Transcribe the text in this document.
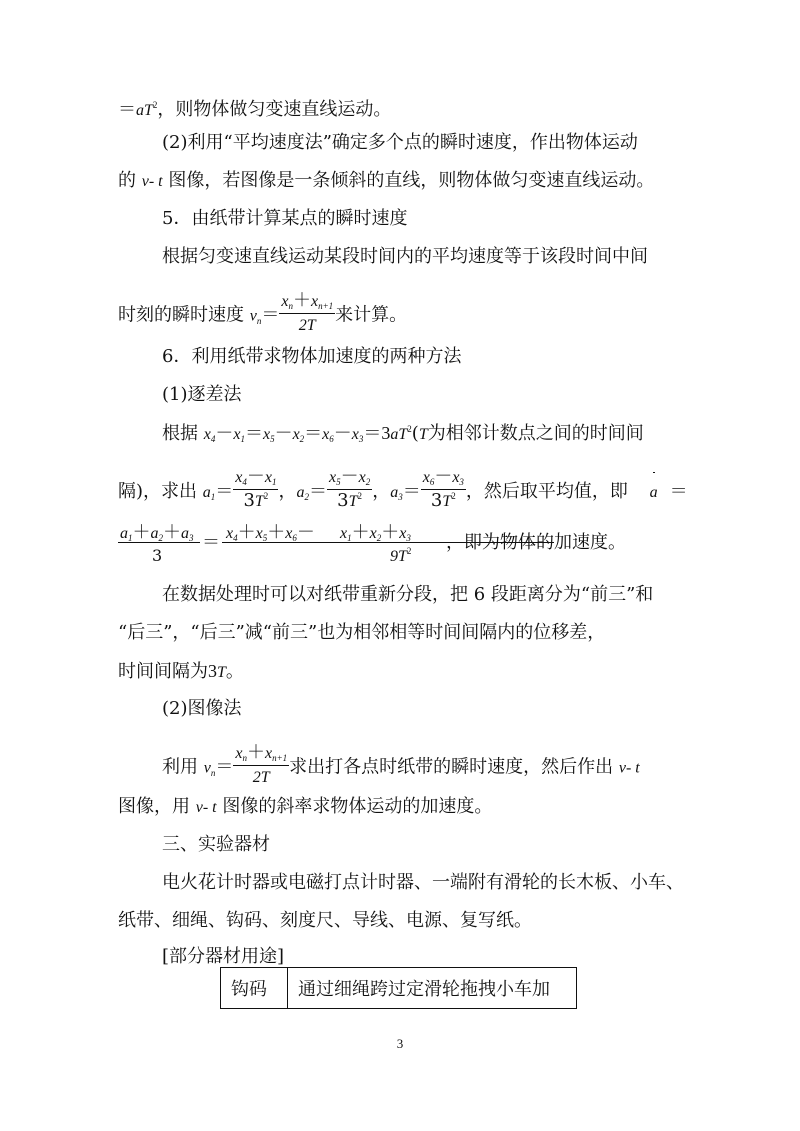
$=aT^2$，则物体做匀变速直线运动。
(2)利用“平均速度法”确定多个点的瞬时速度，作出物体运动
的 v- t 图像，若图像是一条倾斜的直线，则物体做匀变速直线运动。
5．由纸带计算某点的瞬时速度
根据匀变速直线运动某段时间内的平均速度等于该段时间中间
时刻的瞬时速度 $vn= \frac{xn+xn+1}{2T}$ 来计算。
6．利用纸带求物体加速度的两种方法
(1)逐差法
根据 $x4-x1=x5-x2=x6-x3=3aT^2(T$为相邻计数点之间的时间间
隔)，求出 $a1= \frac{x4-x1}{3T^2}$ ，$a2= \frac{x5-x2}{3T^2}$ ，$a3= \frac{x6-x3}{3T^2}$ ，然后取平均值，即 a ＝
a1＋a2＋a3
3
＝ x4＋x5＋x6－ x1＋x2＋x3
$9T^2$ ，即为物体的加速度。
在数据处理时可以对纸带重新分段，把 6 段距离分为“前三”和
“后三”，“后三”减“前三”也为相邻相等时间间隔内的位移差，
时间间隔为3T。
(2)图像法
利用 $vn= \frac{xn+xn+1}{2T}$ 求出打各点时纸带的瞬时速度，然后作出 v- t
图像，用 v- t 图像的斜率求物体运动的加速度。
三、实验器材
电火花计时器或电磁打点计时器、一端附有滑轮的长木板、小车、
纸带、细绳、钩码、刻度尺、导线、电源、复写纸。
[部分器材用途]
钩码	通过细绳跨过定滑轮拖拽小车加
3
